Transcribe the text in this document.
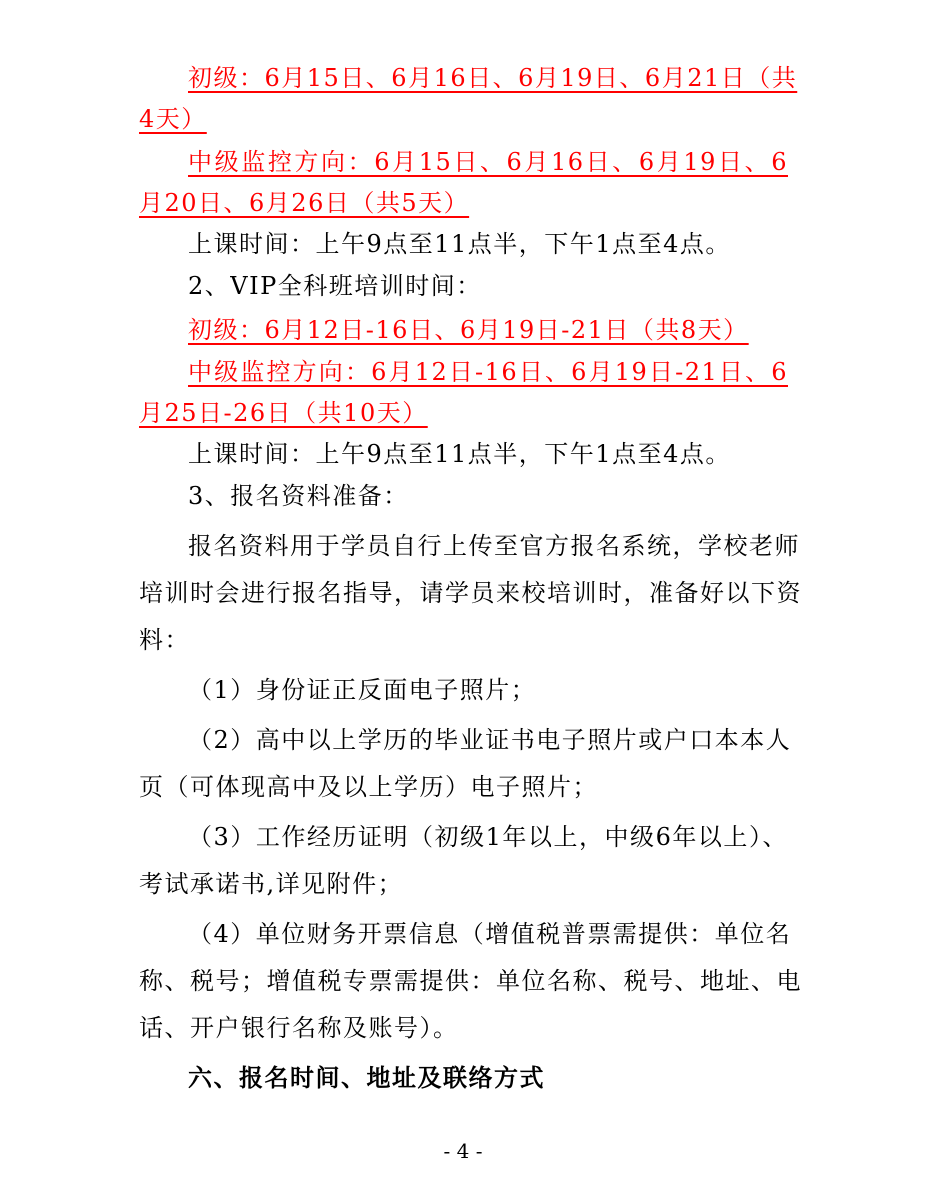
初级：6月15日、6月16日、6月19日、6月21日（共
4天）
中级监控方向：6月15日、6月16日、6月19日、6
月20日、6月26日（共5天）
上课时间：上午9点至11点半，下午1点至4点。
2、VIP全科班培训时间：
初级：6月12日-16日、6月19日-21日（共8天）
中级监控方向：6月12日-16日、6月19日-21日、6
月25日-26日（共10天）
上课时间：上午9点至11点半，下午1点至4点。
3、报名资料准备：
报名资料用于学员自行上传至官方报名系统，学校老师
培训时会进行报名指导，请学员来校培训时，准备好以下资
料：
（1）身份证正反面电子照片；
（2）高中以上学历的毕业证书电子照片或户口本本人
页（可体现高中及以上学历）电子照片；
（3）工作经历证明（初级1年以上，中级6年以上）、
考试承诺书,详见附件；
（4）单位财务开票信息（增值税普票需提供：单位名
称、税号；增值税专票需提供：单位名称、税号、地址、电
话、开户银行名称及账号）。
六、报名时间、地址及联络方式
- 4 -
